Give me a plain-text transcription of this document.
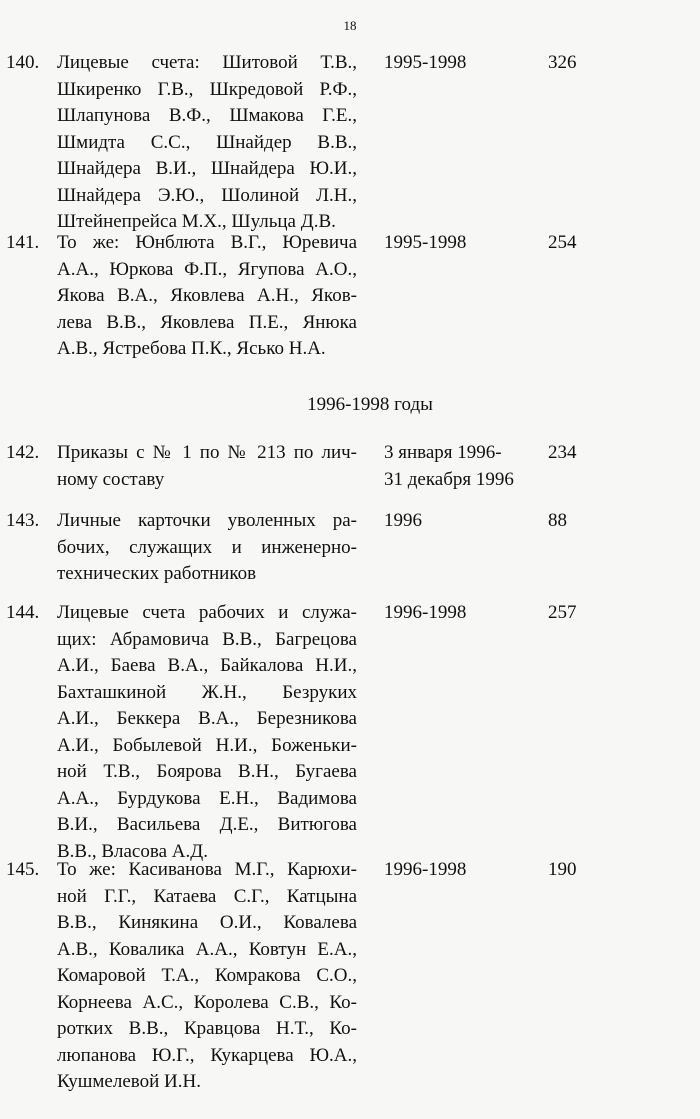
18
140. Лицевые счета: Шитовой Т.В.,
Шкиренко Г.В., Шкредовой Р.Ф.,
Шлапунова В.Ф., Шмакова Г.Е.,
Шмидта С.С., Шнайдер В.В.,
Шнайдера В.И., Шнайдера Ю.И.,
Шнайдера Э.Ю., Шолиной Л.Н.,
Штейнепрейса М.Х., Шульца Д.В.
1995-1998	326
141. То же: Юнблюта В.Г., Юревича
А.А., Юркова Ф.П., Ягупова А.О.,
Якова В.А., Яковлева А.Н., Яков-
лева В.В., Яковлева П.Е., Янюка
А.В., Ястребова П.К., Ясько Н.А.
1995-1998	254
1996-1998 годы
142. Приказы с № 1 по № 213 по лич-
ному составу
3 января 1996-
31 декабря 1996
234
143. Личные карточки уволенных ра-
бочих, служащих и инженерно-
технических работников
1996	88
144. Лицевые счета рабочих и служа-
щих: Абрамовича В.В., Багрецова
А.И., Баева В.А., Байкалова Н.И.,
Бахташкиной Ж.Н., Безруких
А.И., Беккера В.А., Березникова
А.И., Бобылевой Н.И., Боженьки-
ной Т.В., Боярова В.Н., Бугаева
А.А., Бурдукова Е.Н., Вадимова
В.И., Васильева Д.Е., Витюгова
В.В., Власова А.Д.
1996-1998	257
145. То же: Касиванова М.Г., Карюхи-
ной Г.Г., Катаева С.Г., Катцына
В.В., Кинякина О.И., Ковалева
А.В., Ковалика А.А., Ковтун Е.А.,
Комаровой Т.А., Комракова С.О.,
Корнеева А.С., Королева С.В., Ко-
ротких В.В., Кравцова Н.Т., Ко-
люпанова Ю.Г., Кукарцева Ю.А.,
Кушмелевой И.Н.
1996-1998	190
